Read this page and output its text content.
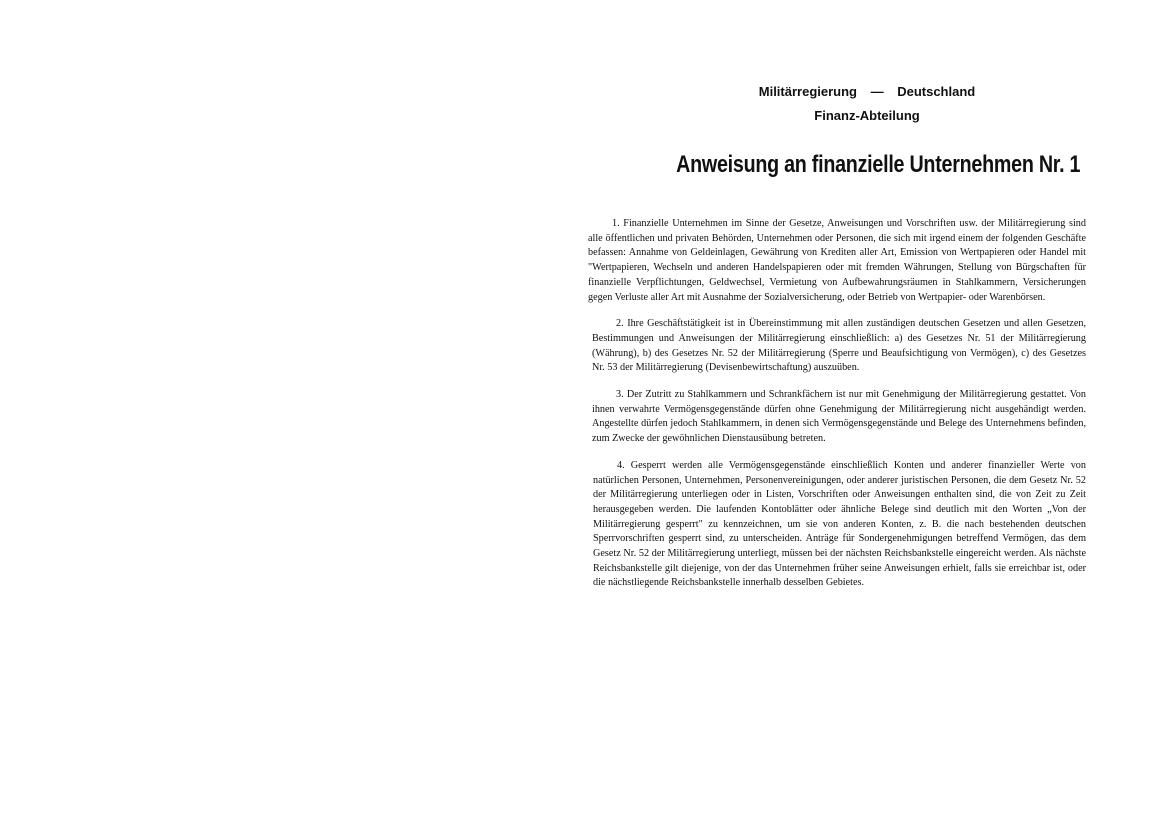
Militärregierung — Deutschland
Finanz-Abteilung
Anweisung an finanzielle Unternehmen Nr. 1

1. Finanzielle Unternehmen im Sinne der Gesetze, Anweisungen und Vorschriften usw. der Militärregierung sind alle öffentlichen und privaten Behörden, Unternehmen oder Personen, die sich mit irgend einem der folgenden Geschäfte befassen: Annahme von Geldeinlagen, Gewährung von Krediten aller Art, Emission von Wertpapieren oder Handel mit "Wertpapieren, Wechseln und anderen Handelspapieren oder mit fremden Währungen, Stellung von Bürgschaften für finanzielle Verpflichtungen, Geldwechsel, Vermietung von Aufbewahrungsräumen in Stahlkammern, Versicherungen gegen Verluste aller Art mit Ausnahme der Sozialversicherung, oder Betrieb von Wertpapier- oder Warenbörsen.

2. Ihre Geschäftstätigkeit ist in Übereinstimmung mit allen zuständigen deutschen Gesetzen und allen Gesetzen, Bestimmungen und Anweisungen der Militärregierung einschließlich: a) des Gesetzes Nr. 51 der Militärregierung (Währung), b) des Gesetzes Nr. 52 der Militärregierung (Sperre und Beaufsichtigung von Vermögen), c) des Gesetzes Nr. 53 der Militärregierung (Devisenbewirtschaftung) auszuüben.

3. Der Zutritt zu Stahlkammern und Schrankfächern ist nur mit Genehmigung der Militärregierung gestattet. Von ihnen verwahrte Vermögensgegenstände dürfen ohne Genehmigung der Militärregierung nicht ausgehändigt werden. Angestellte dürfen jedoch Stahlkammern, in denen sich Vermögensgegenstände und Belege des Unternehmens befinden, zum Zwecke der gewöhnlichen Dienstausübung betreten.

4. Gesperrt werden alle Vermögensgegenstände einschließlich Konten und anderer finanzieller Werte von natürlichen Personen, Unternehmen, Personenvereinigungen, oder anderer juristischen Personen, die dem Gesetz Nr. 52 der Militärregierung unterliegen oder in Listen, Vorschriften oder Anweisungen enthalten sind, die von Zeit zu Zeit herausgegeben werden. Die laufenden Kontoblätter oder ähnliche Belege sind deutlich mit den Worten „Von der Militärregierung gesperrt" zu kennzeichnen, um sie von anderen Konten, z. B. die nach bestehenden deutschen Sperrvorschriften gesperrt sind, zu unterscheiden. Anträge für Sondergenehmigungen betreffend Vermögen, das dem Gesetz Nr. 52 der Militärregierung unterliegt, müssen bei der nächsten Reichsbankstelle eingereicht werden. Als nächste Reichsbankstelle gilt diejenige, von der das Unternehmen früher seine Anweisungen erhielt, falls sie erreichbar ist, oder die nächstliegende Reichsbankstelle innerhalb desselben Gebietes.
